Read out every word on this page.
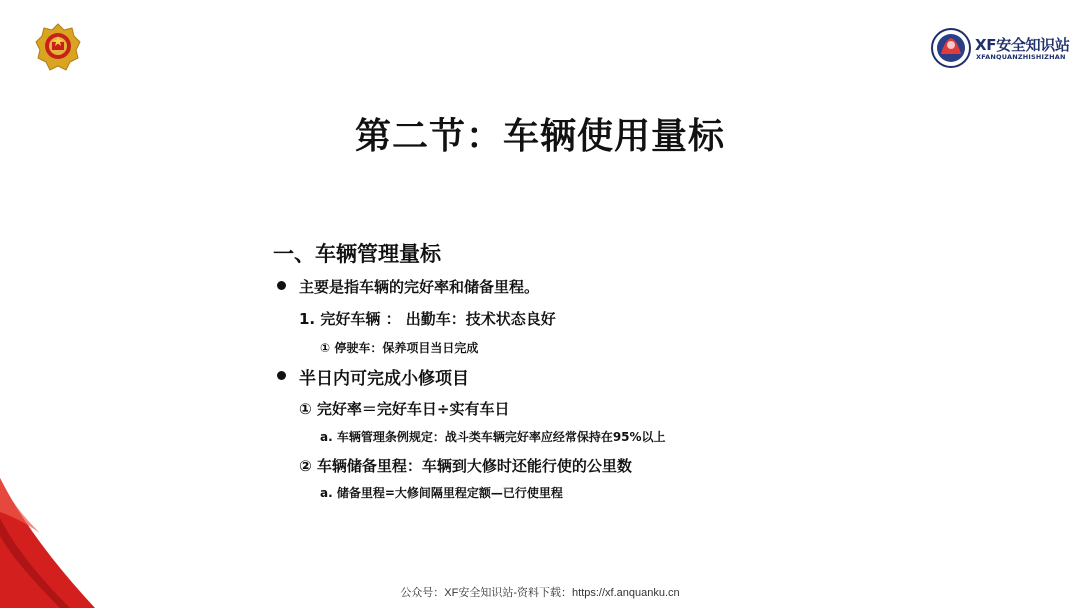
XF安全知识站
XFANQUANZHISHIZHAN
第二节：车辆使用量标
一、车辆管理量标
主要是指车辆的完好率和储备里程。
1. 完好车辆 ： 出勤车：技术状态良好
① 停驶车：保养项目当日完成
半日内可完成小修项目
① 完好率＝完好车日÷实有车日
a. 车辆管理条例规定：战斗类车辆完好率应经常保持在95%以上
② 车辆储备里程：车辆到大修时还能行使的公里数
a. 储备里程=大修间隔里程定额—已行使里程
公众号：XF安全知识站-资料下载：https://xf.anquanku.cn
